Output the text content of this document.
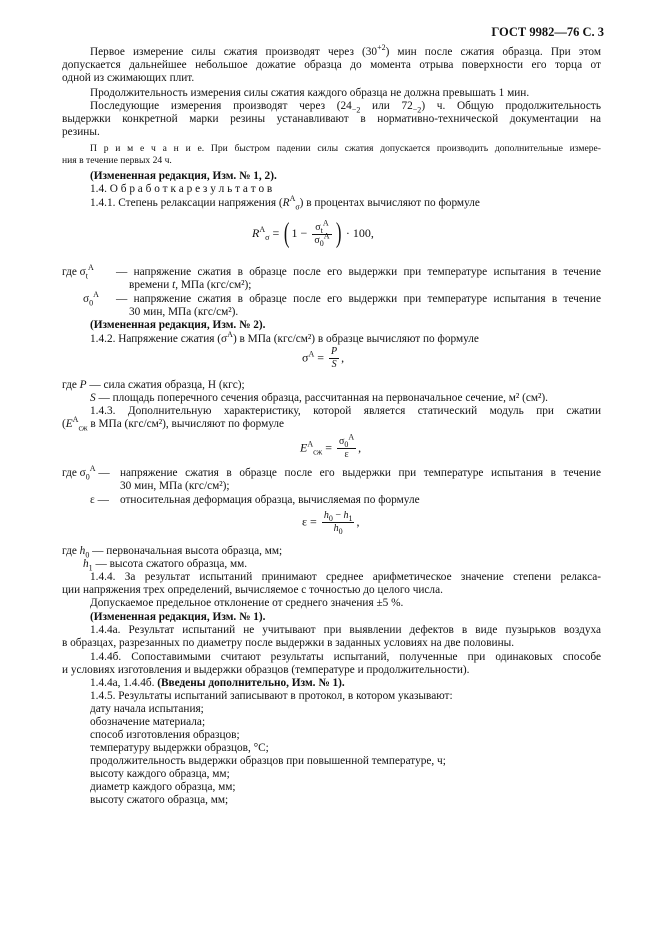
ГОСТ 9982—76 С. 3
Первое измерение силы сжатия производят через $(30^{+2})$ мин после сжатия образца. При этом
допускается дальнейшее небольшое дожатие образца до момента отрыва поверхности его торца от
одной из сжимающих плит.
Продолжительность измерения силы сжатия каждого образца не должна превышать 1 мин.
Последующие измерения производят через ($24_{-2}$ или $72_{-2}$) ч. Общую продолжительность
выдержки конкретной марки резины устанавливают в нормативно-технической документации на
резины.
П р и м е ч а н и е. При быстром падении силы сжатия допускается производить дополнительные измере-
ния в течение первых 24 ч.
(Измененная редакция, Изм. № 1, 2).
1.4. О б р а б о т к а р е з у л ь т а т о в
1.4.1. Степень релаксации напряжения $(R^А_\sigma)$ в процентах вычисляют по формуле
$R^А_\sigma$ = ( $1 - \frac{\sigma_t^А}{\sigma_0^А}$ ) · 100,
где $\sigma_t^А$ — напряжение сжатия в образце после его выдержки при температуре испытания в течение
времени t, МПа (кгс/см²);
$\sigma_0^А$ — напряжение сжатия в образце после его выдержки при температуре испытания в течение
30 мин, МПа (кгс/см²).
(Измененная редакция, Изм. № 2).
1.4.2. Напряжение сжатия $(\sigma^А)$ в МПа (кгс/см²) в образце вычисляют по формуле
$\sigma^А = \frac{P}{S}$ ,
где P — сила сжатия образца, Н (кгс);
S — площадь поперечного сечения образца, рассчитанная на первоначальное сечение, м² (см²).
1.4.3. Дополнительную характеристику, которой является статический модуль при сжатии
($E^А_{сж}$ в МПа (кгс/см²), вычисляют по формуле
$E^А_{сж} = \frac{\sigma_0^А}{\varepsilon}$ ,
где $\sigma_0^А$ — напряжение сжатия в образце после его выдержки при температуре испытания в течение
30 мин, МПа (кгс/см²);
ε — относительная деформация образца, вычисляемая по формуле
$\varepsilon = \frac{h_0 - h_1}{h_0}$ ,
где $h_0$ — первоначальная высота образца, мм;
$h_1$ — высота сжатого образца, мм.
1.4.4. За результат испытаний принимают среднее арифметическое значение степени релакса-
ции напряжения трех определений, вычисляемое с точностью до целого числа.
Допускаемое предельное отклонение от среднего значения ±5 %.
(Измененная редакция, Изм. № 1).
1.4.4а. Результат испытаний не учитывают при выявлении дефектов в виде пузырьков воздуха
в образцах, разрезанных по диаметру после выдержки в заданных условиях на две половины.
1.4.4б. Сопоставимыми считают результаты испытаний, полученные при одинаковых способе
и условиях изготовления и выдержки образцов (температуре и продолжительности).
1.4.4а, 1.4.4б. (Введены дополнительно, Изм. № 1).
1.4.5. Результаты испытаний записывают в протокол, в котором указывают:
дату начала испытания;
обозначение материала;
способ изготовления образцов;
температуру выдержки образцов, °С;
продолжительность выдержки образцов при повышенной температуре, ч;
высоту каждого образца, мм;
диаметр каждого образца, мм;
высоту сжатого образца, мм;
